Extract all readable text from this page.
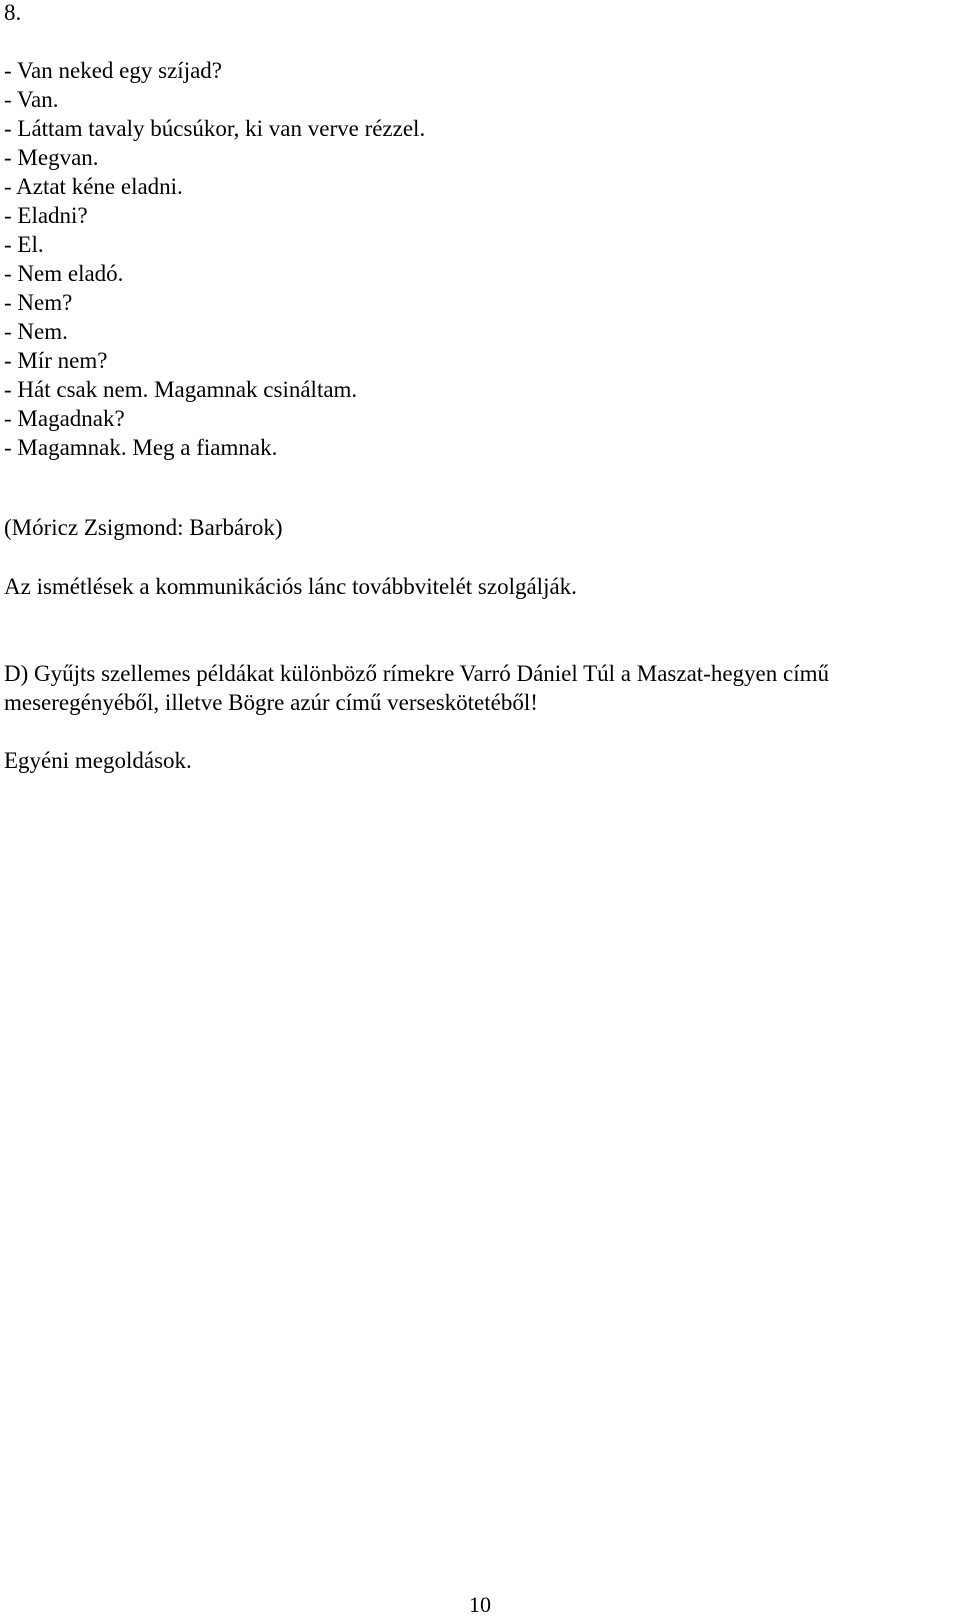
8.
- Van neked egy szíjad?
- Van.
- Láttam tavaly búcsúkor, ki van verve rézzel.
- Megvan.
- Aztat kéne eladni.
- Eladni?
- El.
- Nem eladó.
- Nem?
- Nem.
- Mír nem?
- Hát csak nem. Magamnak csináltam.
- Magadnak?
- Magamnak. Meg a fiamnak.
(Móricz Zsigmond: Barbárok)
Az ismétlések a kommunikációs lánc továbbvitelét szolgálják.
D) Gyűjts szellemes példákat különböző rímekre Varró Dániel Túl a Maszat-hegyen című meseregényéből, illetve Bögre azúr című verseskötetéből!
Egyéni megoldások.
10
